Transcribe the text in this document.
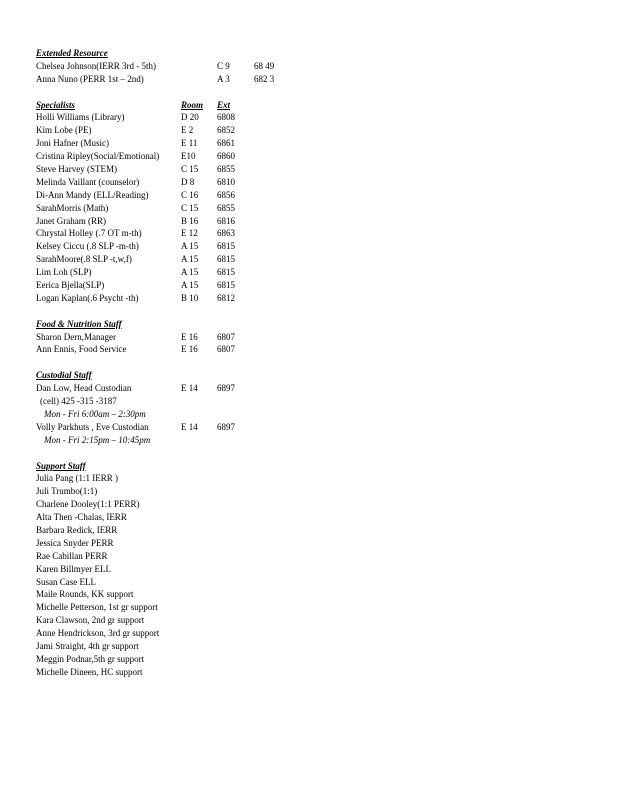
Extended Resource
Chelsea Johnson(IERR 3rd - 5th)	C 9	68 49
Anna Nuno (PERR 1st – 2nd)	A 3	682 3
Specialists	Room Ext
Holli Williams (Library)	D 20 6808
Kim Lobe (PE)	E 2	6852
Joni Hafner (Music)	E 11 6861
Cristina Ripley(Social/Emotional) E10 6860
Steve Harvey (STEM)	C 15 6855
Melinda Vaillant (counselor)	D 8	6810
Di-Ann Mandy (ELL/Reading)	C 16 6856
SarahMorris (Math)	C 15 6855
Janet Graham (RR)	B 16 6816
Chrystal Holley (.7 OT m-th)	E 12 6863
Kelsey Ciccu (.8 SLP -m-th)	A 15 6815
SarahMoore(.8 SLP -t,w,f)	A 15 6815
Lim Loh (SLP)	A 15 6815
Eerica Bjella(SLP)	A 15 6815
Logan Kaplan(.6 Psycht -th)	B 10 6812
Food & Nutrition Staff
Sharon Dern,Manager	E 16 6807
Ann Ennis, Food Service	E 16 6807
Custodial Staff
Dan Low, Head Custodian	E 14 6897
(cell) 425 -315 -3187
Mon - Fri 6:00am – 2:30pm
Volly Parkhuts , Eve Custodian	E 14 6897
Mon - Fri 2:15pm – 10:45pm
Support Staff
Julia Pang (1:1 IERR )
Juli Trumbo(1:1)
Charlene Dooley(1:1 PERR)
Alta Then -Chalas, IERR
Barbara Redick, IERR
Jessica Snyder PERR
Rae Cabillan PERR
Karen Billmyer ELL
Susan Case ELL
Maile Rounds, KK support
Michelle Petterson, 1st gr support
Kara Clawson, 2nd gr support
Anne Hendrickson, 3rd gr support
Jami Straight, 4th gr support
Meggin Podnar,5th gr support
Michelle Dineen, HC support
